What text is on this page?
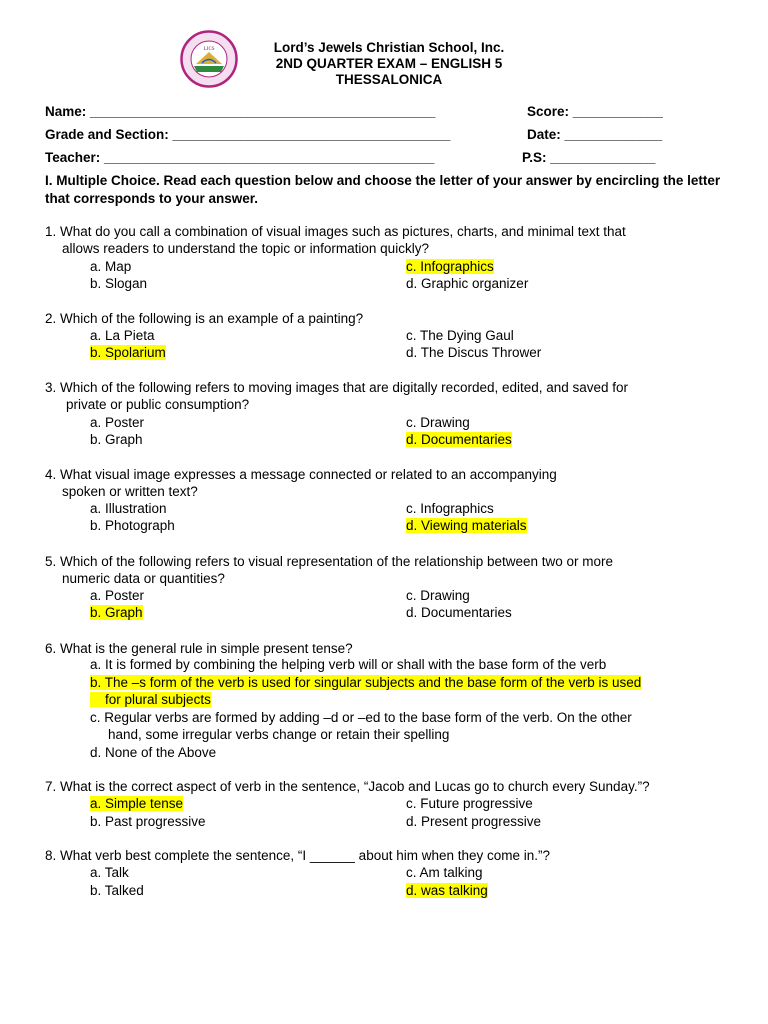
LJCS	Lord’s Jewels Christian School, Inc.
2ND QUARTER EXAM – ENGLISH 5
THESSALONICA
Name: ______________________________________________	Score: ____________
Grade and Section: _____________________________________	Date: _____________
Teacher: ____________________________________________	P.S: ______________
I. Multiple Choice. Read each question below and choose the letter of your answer by encircling the letter that corresponds to your answer.
1. What do you call a combination of visual images such as pictures, charts, and minimal text that
allows readers to understand the topic or information quickly?
a. Map
b. Slogan
c. Infographics
d. Graphic organizer
2. Which of the following is an example of a painting?
a. La Pieta
b. Spolarium
c. The Dying Gaul
d. The Discus Thrower
3. Which of the following refers to moving images that are digitally recorded, edited, and saved for
private or public consumption?
a. Poster
b. Graph
c. Drawing
d. Documentaries
4. What visual image expresses a message connected or related to an accompanying
spoken or written text?
a. Illustration
b. Photograph
c. Infographics
d. Viewing materials
5. Which of the following refers to visual representation of the relationship between two or more
numeric data or quantities?
a. Poster
b. Graph
c. Drawing
d. Documentaries
6. What is the general rule in simple present tense?
a. It is formed by combining the helping verb will or shall with the base form of the verb
b. The –s form of the verb is used for singular subjects and the base form of the verb is used
for plural subjects
c. Regular verbs are formed by adding –d or –ed to the base form of the verb. On the other
hand, some irregular verbs change or retain their spelling
d. None of the Above
7. What is the correct aspect of verb in the sentence, “Jacob and Lucas go to church every Sunday.”?
a. Simple tense
b. Past progressive
c. Future progressive
d. Present progressive
8. What verb best complete the sentence, “I ______ about him when they come in.”?
a. Talk
b. Talked
c. Am talking
d. was talking
